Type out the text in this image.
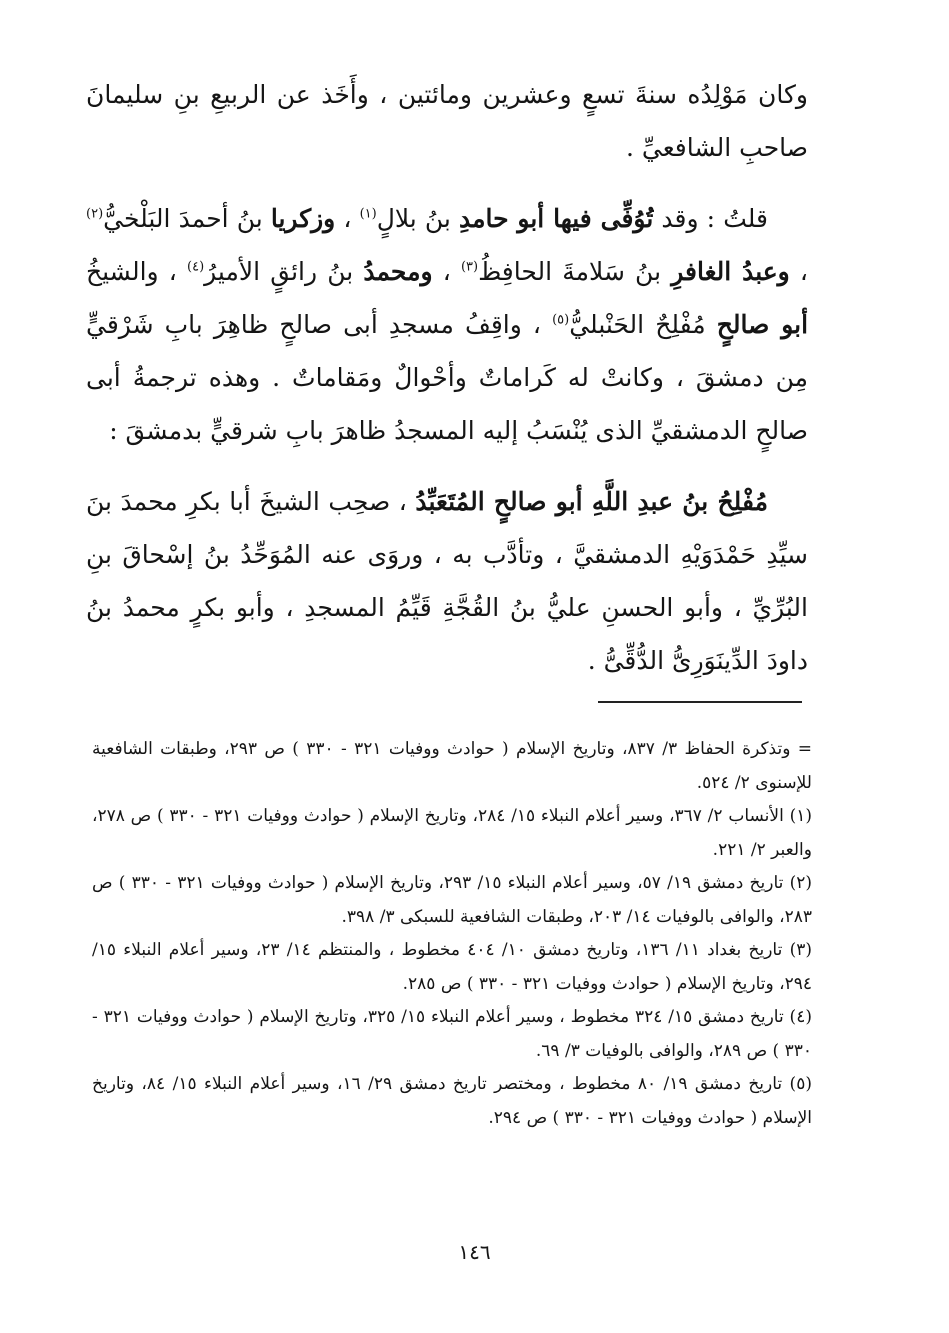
وكان مَوْلِدُه سنةَ تسعٍ وعشرين ومائتين ، وأَخَذ عن الربيعِ بنِ سليمانَ صاحبِ الشافعيِّ .

قلتُ : وقد تُوُفِّى فيها أبو حامدِ بنُ بلالٍ$^{(١)}$ ، وزكريا بنُ أحمدَ البَلْخيُّ$^{(٢)}$ ، وعبدُ الغافرِ بنُ سَلامةَ الحافِظُ$^{(٣)}$ ، ومحمدُ بنُ رائقٍ الأميرُ$^{(٤)}$ ، والشيخُ أبو صالحٍ مُفْلِحٌ الحَنْبليُّ$^{(٥)}$ ، واقِفُ مسجدِ أبى صالحٍ ظاهِرَ بابِ شَرْقيٍّ مِن دمشقَ ، وكانتْ له كَراماتٌ وأحْوالٌ ومَقاماتٌ . وهذه ترجمةُ أبى صالحٍ الدمشقيِّ الذى يُنْسَبُ إليه المسجدُ ظاهرَ بابِ شرقيٍّ بدمشقَ :

مُفْلِحُ بنُ عبدِ اللَّهِ أبو صالحٍ المُتَعَبِّدُ ، صحِب الشيخَ أبا بكرِ محمدَ بنَ سيِّدِ حَمْدَوَيْهِ الدمشقيَّ ، وتأدَّب به ، وروَى عنه المُوَحِّدُ بنُ إسْحاقَ بنِ البُرِّيِّ ، وأبو الحسنِ عليُّ بنُ القُجَّةِ قَيِّمُ المسجدِ ، وأبو بكرٍ محمدُ بنُ داودَ الدِّينَوَرِىُّ الدُّقِّىُّ .

= وتذكرة الحفاظ ٣/ ٨٣٧، وتاريخ الإسلام ( حوادث ووفيات ٣٢١ - ٣٣٠ ) ص ٢٩٣، وطبقات الشافعية للإسنوى ٢/ ٥٢٤.

(١) الأنساب ٢/ ٣٦٧، وسير أعلام النبلاء ١٥/ ٢٨٤، وتاريخ الإسلام ( حوادث ووفيات ٣٢١ - ٣٣٠ ) ص ٢٧٨، والعبر ٢/ ٢٢١.

(٢) تاريخ دمشق ١٩/ ٥٧، وسير أعلام النبلاء ١٥/ ٢٩٣، وتاريخ الإسلام ( حوادث ووفيات ٣٢١ - ٣٣٠ ) ص ٢٨٣، والوافى بالوفيات ١٤/ ٢٠٣، وطبقات الشافعية للسبكى ٣/ ٣٩٨.

(٣) تاريخ بغداد ١١/ ١٣٦، وتاريخ دمشق ١٠/ ٤٠٤ مخطوط ، والمنتظم ١٤/ ٢٣، وسير أعلام النبلاء ١٥/ ٢٩٤، وتاريخ الإسلام ( حوادث ووفيات ٣٢١ - ٣٣٠ ) ص ٢٨٥.

(٤) تاريخ دمشق ١٥/ ٣٢٤ مخطوط ، وسير أعلام النبلاء ١٥/ ٣٢٥، وتاريخ الإسلام ( حوادث ووفيات ٣٢١ - ٣٣٠ ) ص ٢٨٩، والوافى بالوفيات ٣/ ٦٩.

(٥) تاريخ دمشق ١٩/ ٨٠ مخطوط ، ومختصر تاريخ دمشق ٢٩/ ١٦، وسير أعلام النبلاء ١٥/ ٨٤، وتاريخ الإسلام ( حوادث ووفيات ٣٢١ - ٣٣٠ ) ص ٢٩٤.

١٤٦
